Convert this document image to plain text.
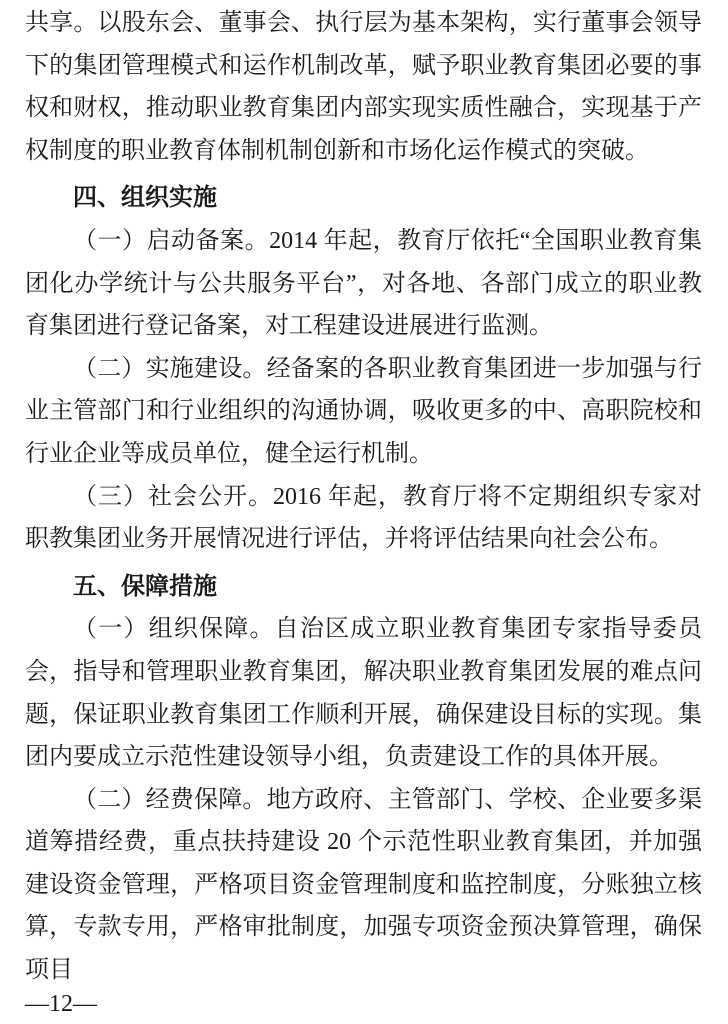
共享。以股东会、董事会、执行层为基本架构，实行董事会领导下的集团管理模式和运作机制改革，赋予职业教育集团必要的事权和财权，推动职业教育集团内部实现实质性融合，实现基于产权制度的职业教育体制机制创新和市场化运作模式的突破。

四、组织实施

（一）启动备案。2014 年起，教育厅依托“全国职业教育集团化办学统计与公共服务平台”，对各地、各部门成立的职业教育集团进行登记备案，对工程建设进展进行监测。

（二）实施建设。经备案的各职业教育集团进一步加强与行业主管部门和行业组织的沟通协调，吸收更多的中、高职院校和行业企业等成员单位，健全运行机制。

（三）社会公开。2016 年起，教育厅将不定期组织专家对职教集团业务开展情况进行评估，并将评估结果向社会公布。

五、保障措施

（一）组织保障。自治区成立职业教育集团专家指导委员会，指导和管理职业教育集团，解决职业教育集团发展的难点问题，保证职业教育集团工作顺利开展，确保建设目标的实现。集团内要成立示范性建设领导小组，负责建设工作的具体开展。

（二）经费保障。地方政府、主管部门、学校、企业要多渠道筹措经费，重点扶持建设 20 个示范性职业教育集团，并加强建设资金管理，严格项目资金管理制度和监控制度，分账独立核算，专款专用，严格审批制度，加强专项资金预决算管理，确保项目

—12—
